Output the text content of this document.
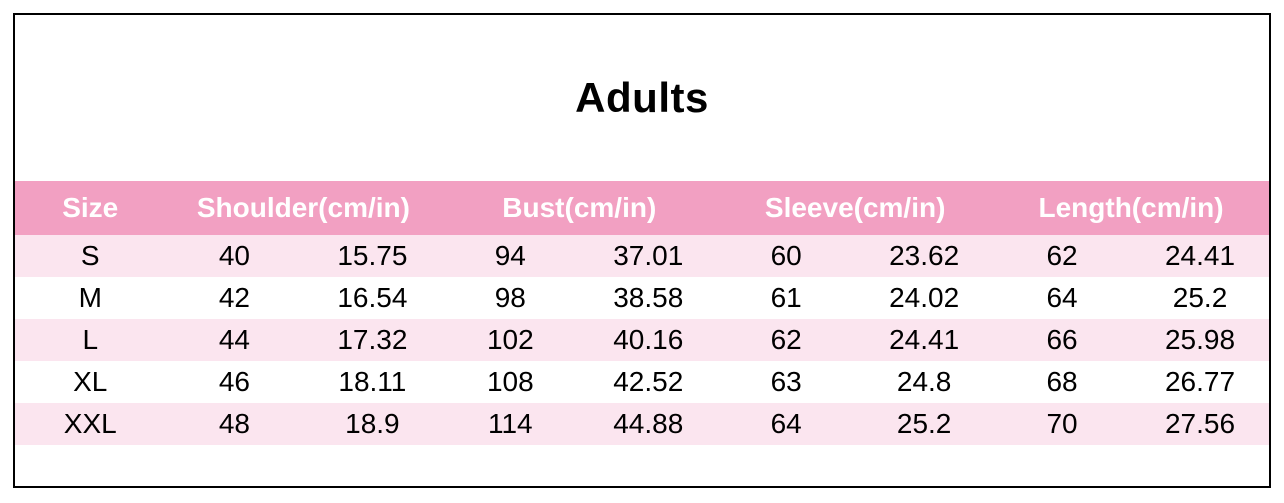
Adults
Size	Shoulder(cm/in)		Bust(cm/in)		Sleeve(cm/in)		Length(cm/in)	
S	40	15.75	94	37.01	60	23.62	62	24.41
M	42	16.54	98	38.58	61	24.02	64	25.2
L	44	17.32	102	40.16	62	24.41	66	25.98
XL	46	18.11	108	42.52	63	24.8	68	26.77
XXL	48	18.9	114	44.88	64	25.2	70	27.56
